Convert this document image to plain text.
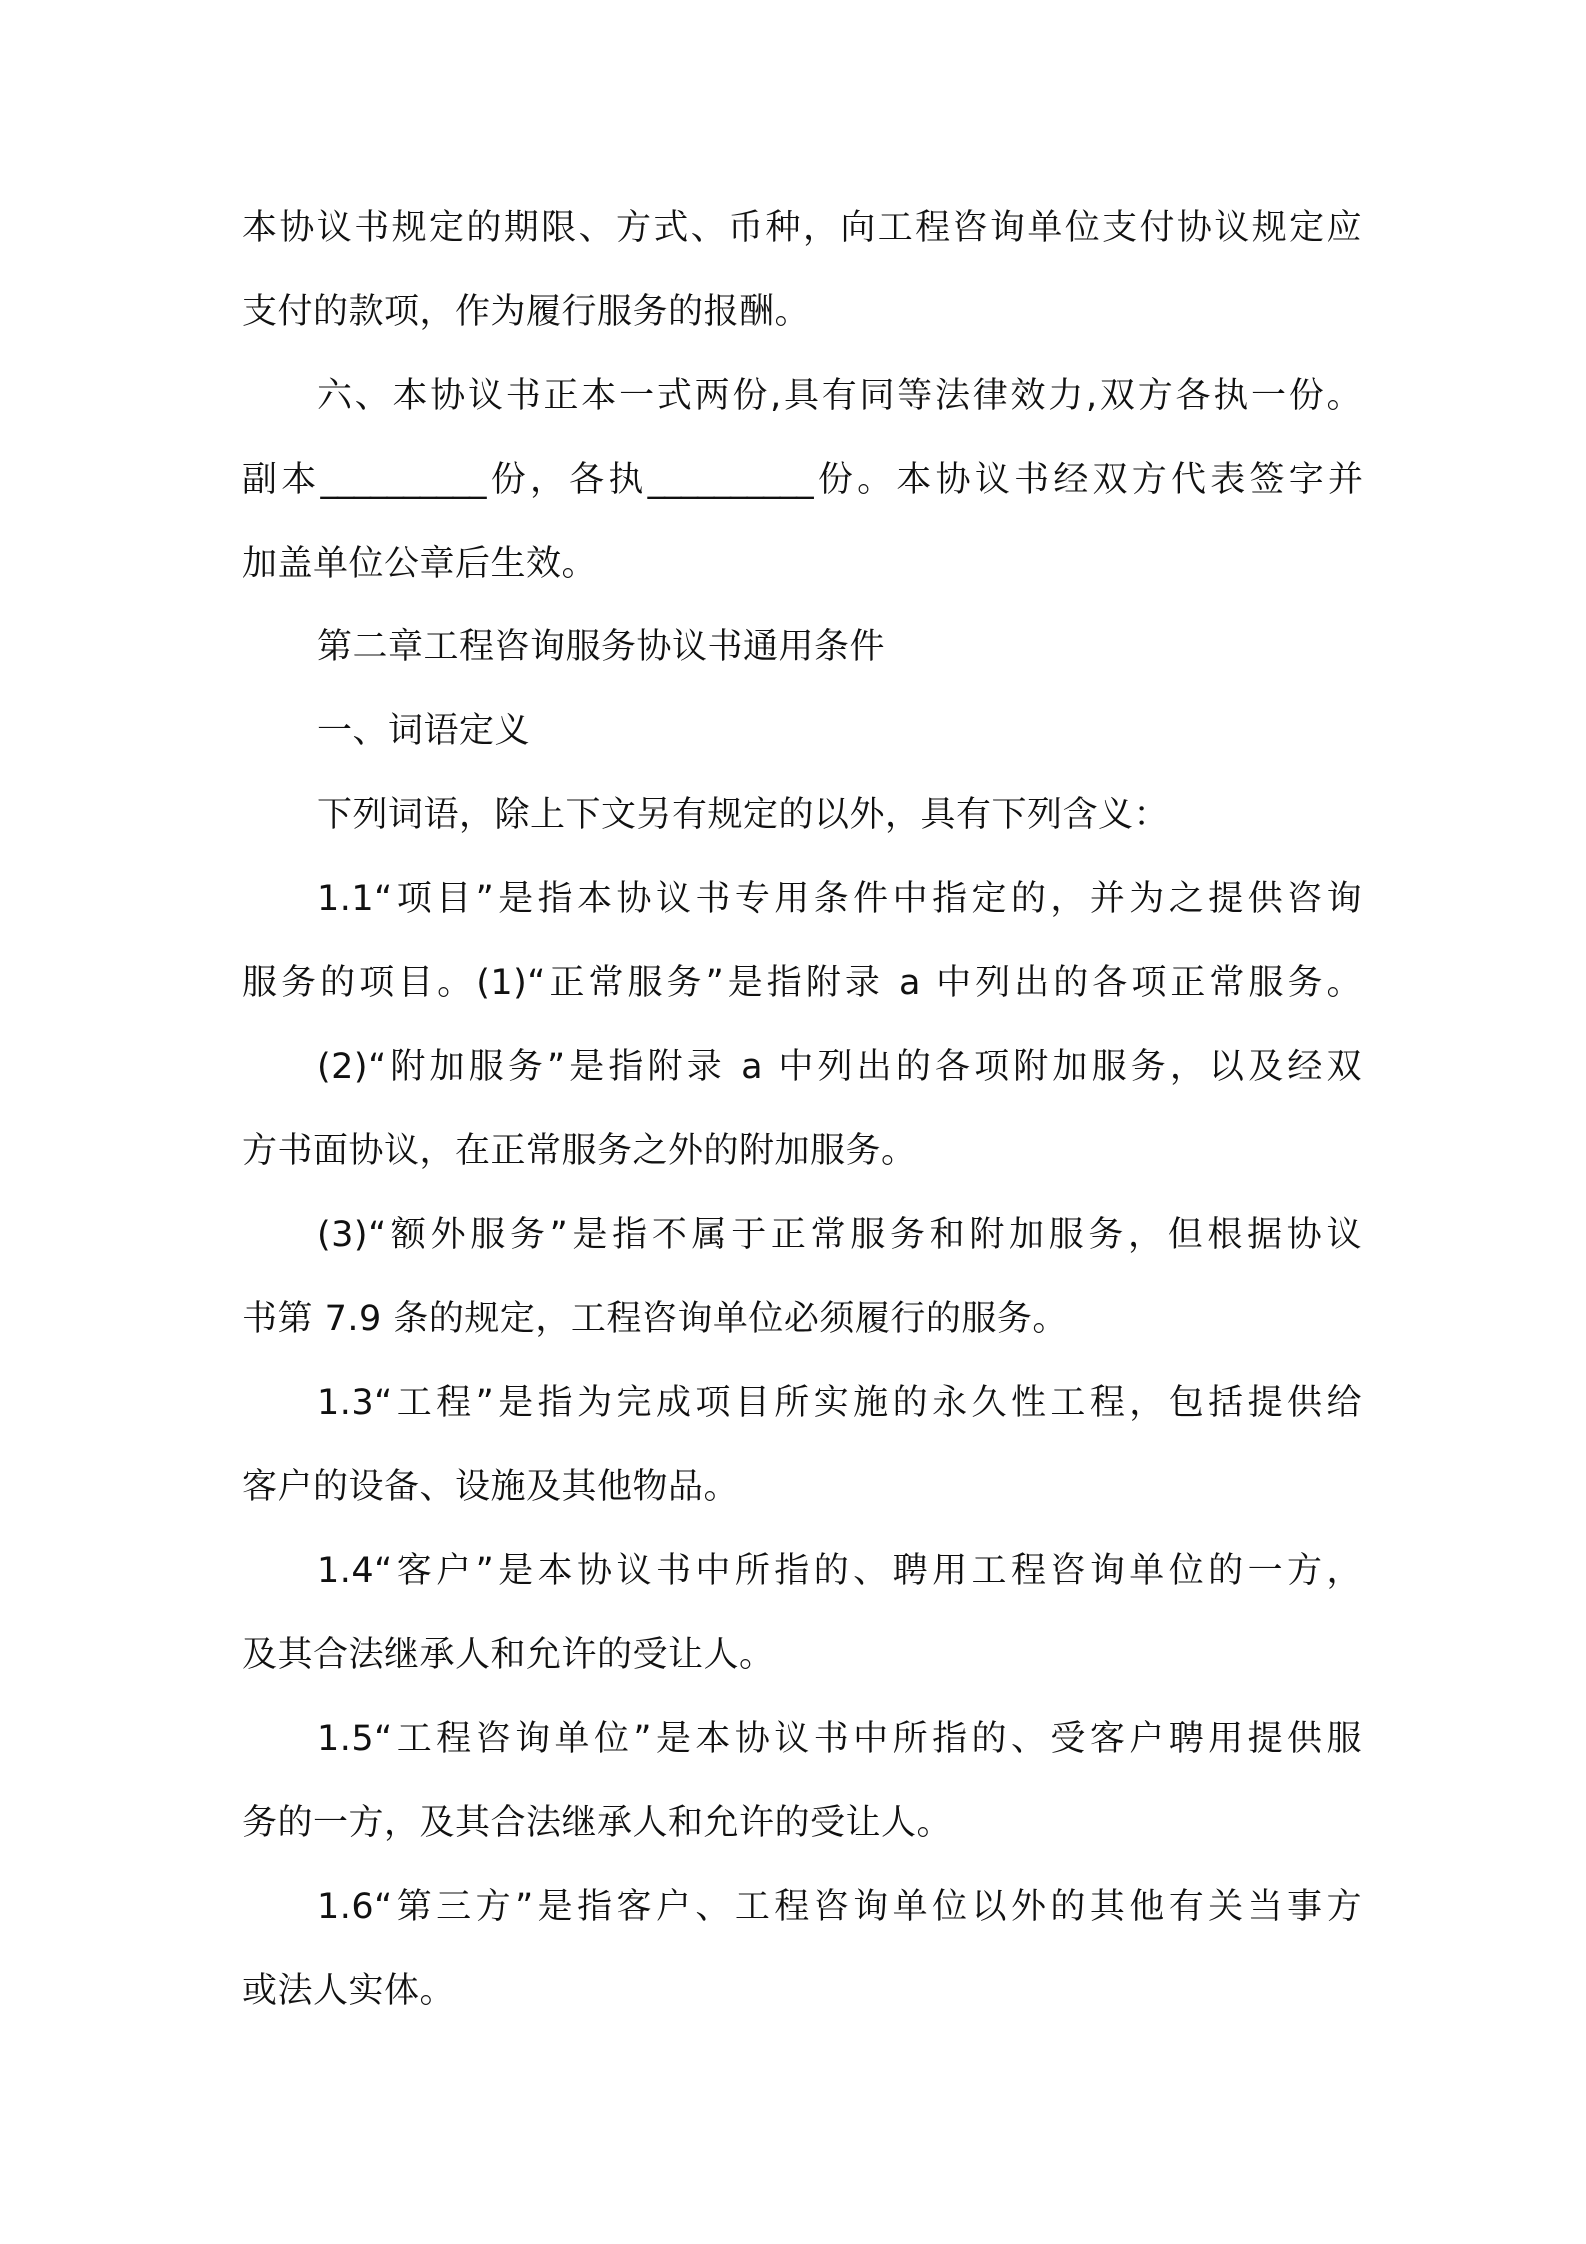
本协议书规定的期限、方式、币种，向工程咨询单位支付协议规定应
支付的款项，作为履行服务的报酬。
六、本协议书正本一式两份,具有同等法律效力,双方各执一份。
副本__________份，各执__________份。本协议书经双方代表签字并
加盖单位公章后生效。
第二章工程咨询服务协议书通用条件
一、词语定义
下列词语，除上下文另有规定的以外，具有下列含义：
1.1“项目”是指本协议书专用条件中指定的，并为之提供咨询
服务的项目。(1)“正常服务”是指附录 a 中列出的各项正常服务。
(2)“附加服务”是指附录 a 中列出的各项附加服务，以及经双
方书面协议，在正常服务之外的附加服务。
(3)“额外服务”是指不属于正常服务和附加服务，但根据协议
书第 7.9 条的规定，工程咨询单位必须履行的服务。
1.3“工程”是指为完成项目所实施的永久性工程，包括提供给
客户的设备、设施及其他物品。
1.4“客户”是本协议书中所指的、聘用工程咨询单位的一方，
及其合法继承人和允许的受让人。
1.5“工程咨询单位”是本协议书中所指的、受客户聘用提供服
务的一方，及其合法继承人和允许的受让人。
1.6“第三方”是指客户、工程咨询单位以外的其他有关当事方
或法人实体。
